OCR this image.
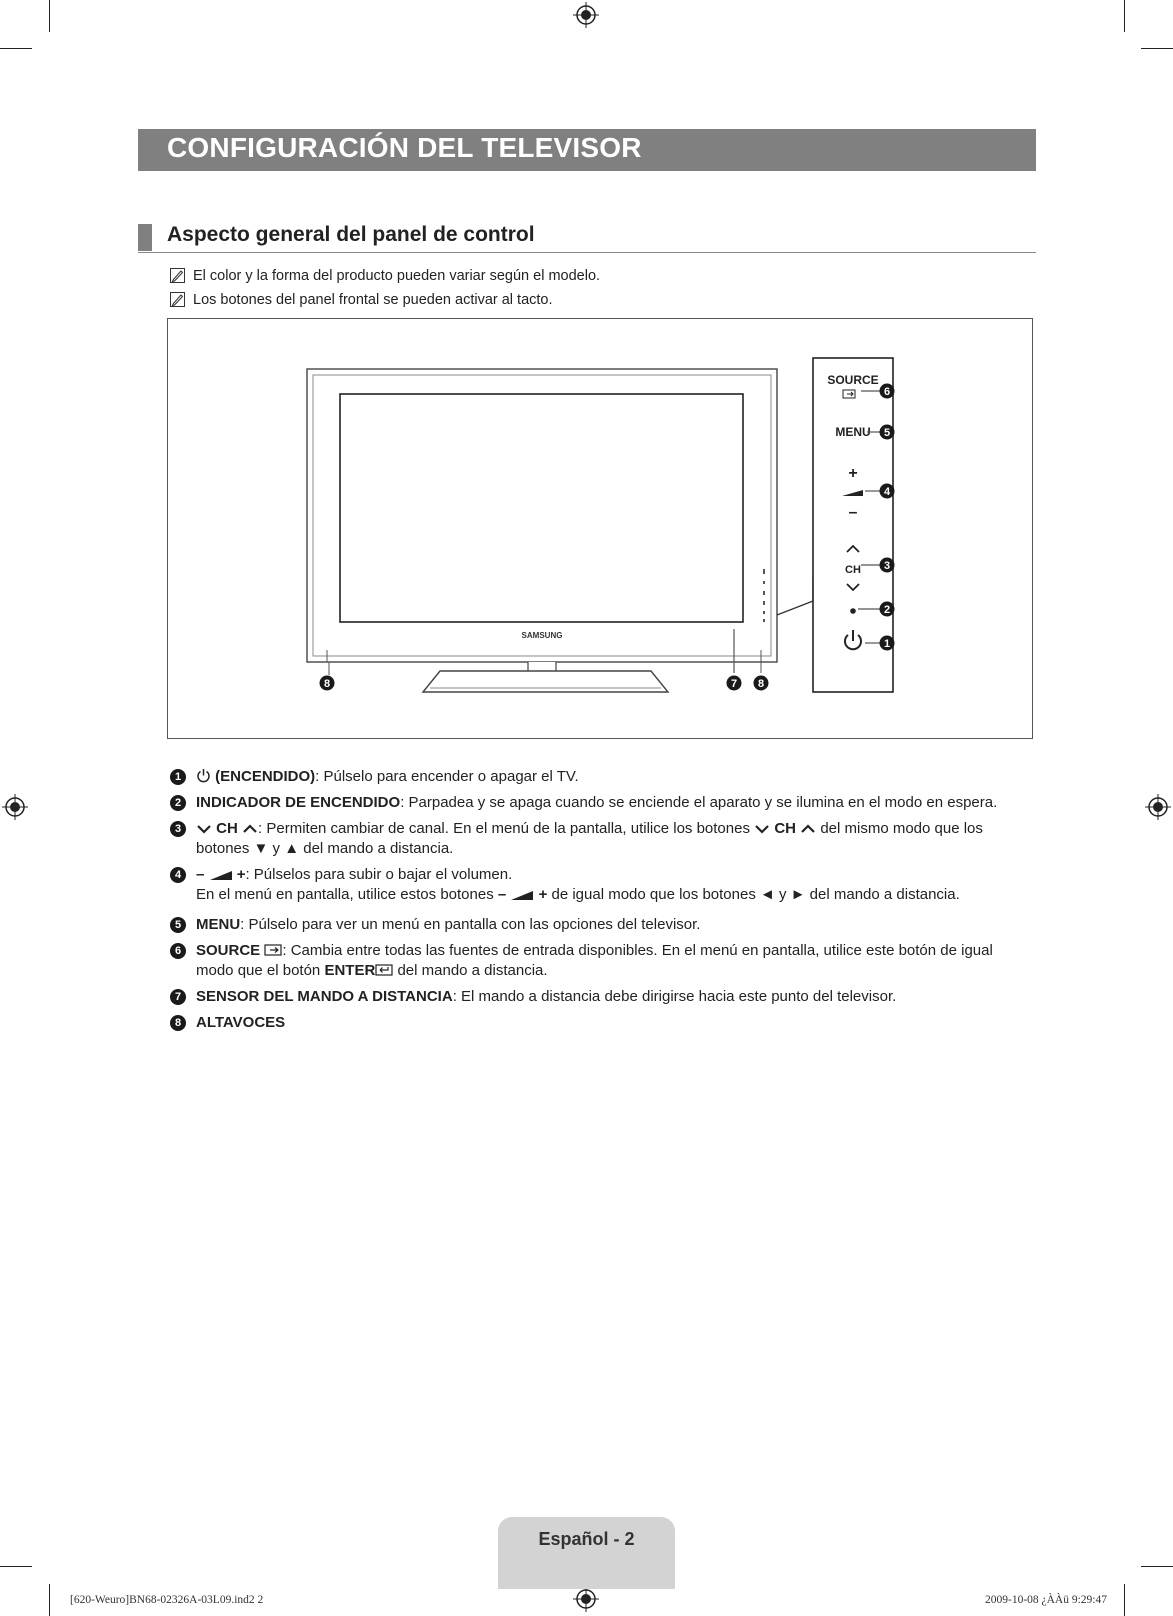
CONFIGURACIÓN DEL TELEVISOR
Aspecto general del panel de control
El color y la forma del producto pueden variar según el modelo.
Los botones del panel frontal se pueden activar al tacto.
SAMSUNG
SOURCE
MENU
+
–
CH
6
5
4
3
2
1
8	7 8
1	(ENCENDIDO): Púlselo para encender o apagar el TV.
2 INDICADOR DE ENCENDIDO: Parpadea y se apaga cuando se enciende el aparato y se ilumina en el modo en espera.
3	CH : Permiten cambiar de canal. En el menú de la pantalla, utilice los botones CH del mismo modo que los
botones ▼ y ▲ del mando a distancia.
4 – +: Púlselos para subir o bajar el volumen.
En el menú en pantalla, utilice estos botones – + de igual modo que los botones ◄ y ► del mando a distancia.
5 MENU: Púlselo para ver un menú en pantalla con las opciones del televisor.
6 SOURCE : Cambia entre todas las fuentes de entrada disponibles. En el menú en pantalla, utilice este botón de igual
modo que el botón ENTER del mando a distancia.
7 SENSOR DEL MANDO A DISTANCIA: El mando a distancia debe dirigirse hacia este punto del televisor.
8 ALTAVOCES
Español - 2
[620-Weuro]BN68-02326A-03L09.ind2 2	2009-10-08 ¿ÀÀü 9:29:47
